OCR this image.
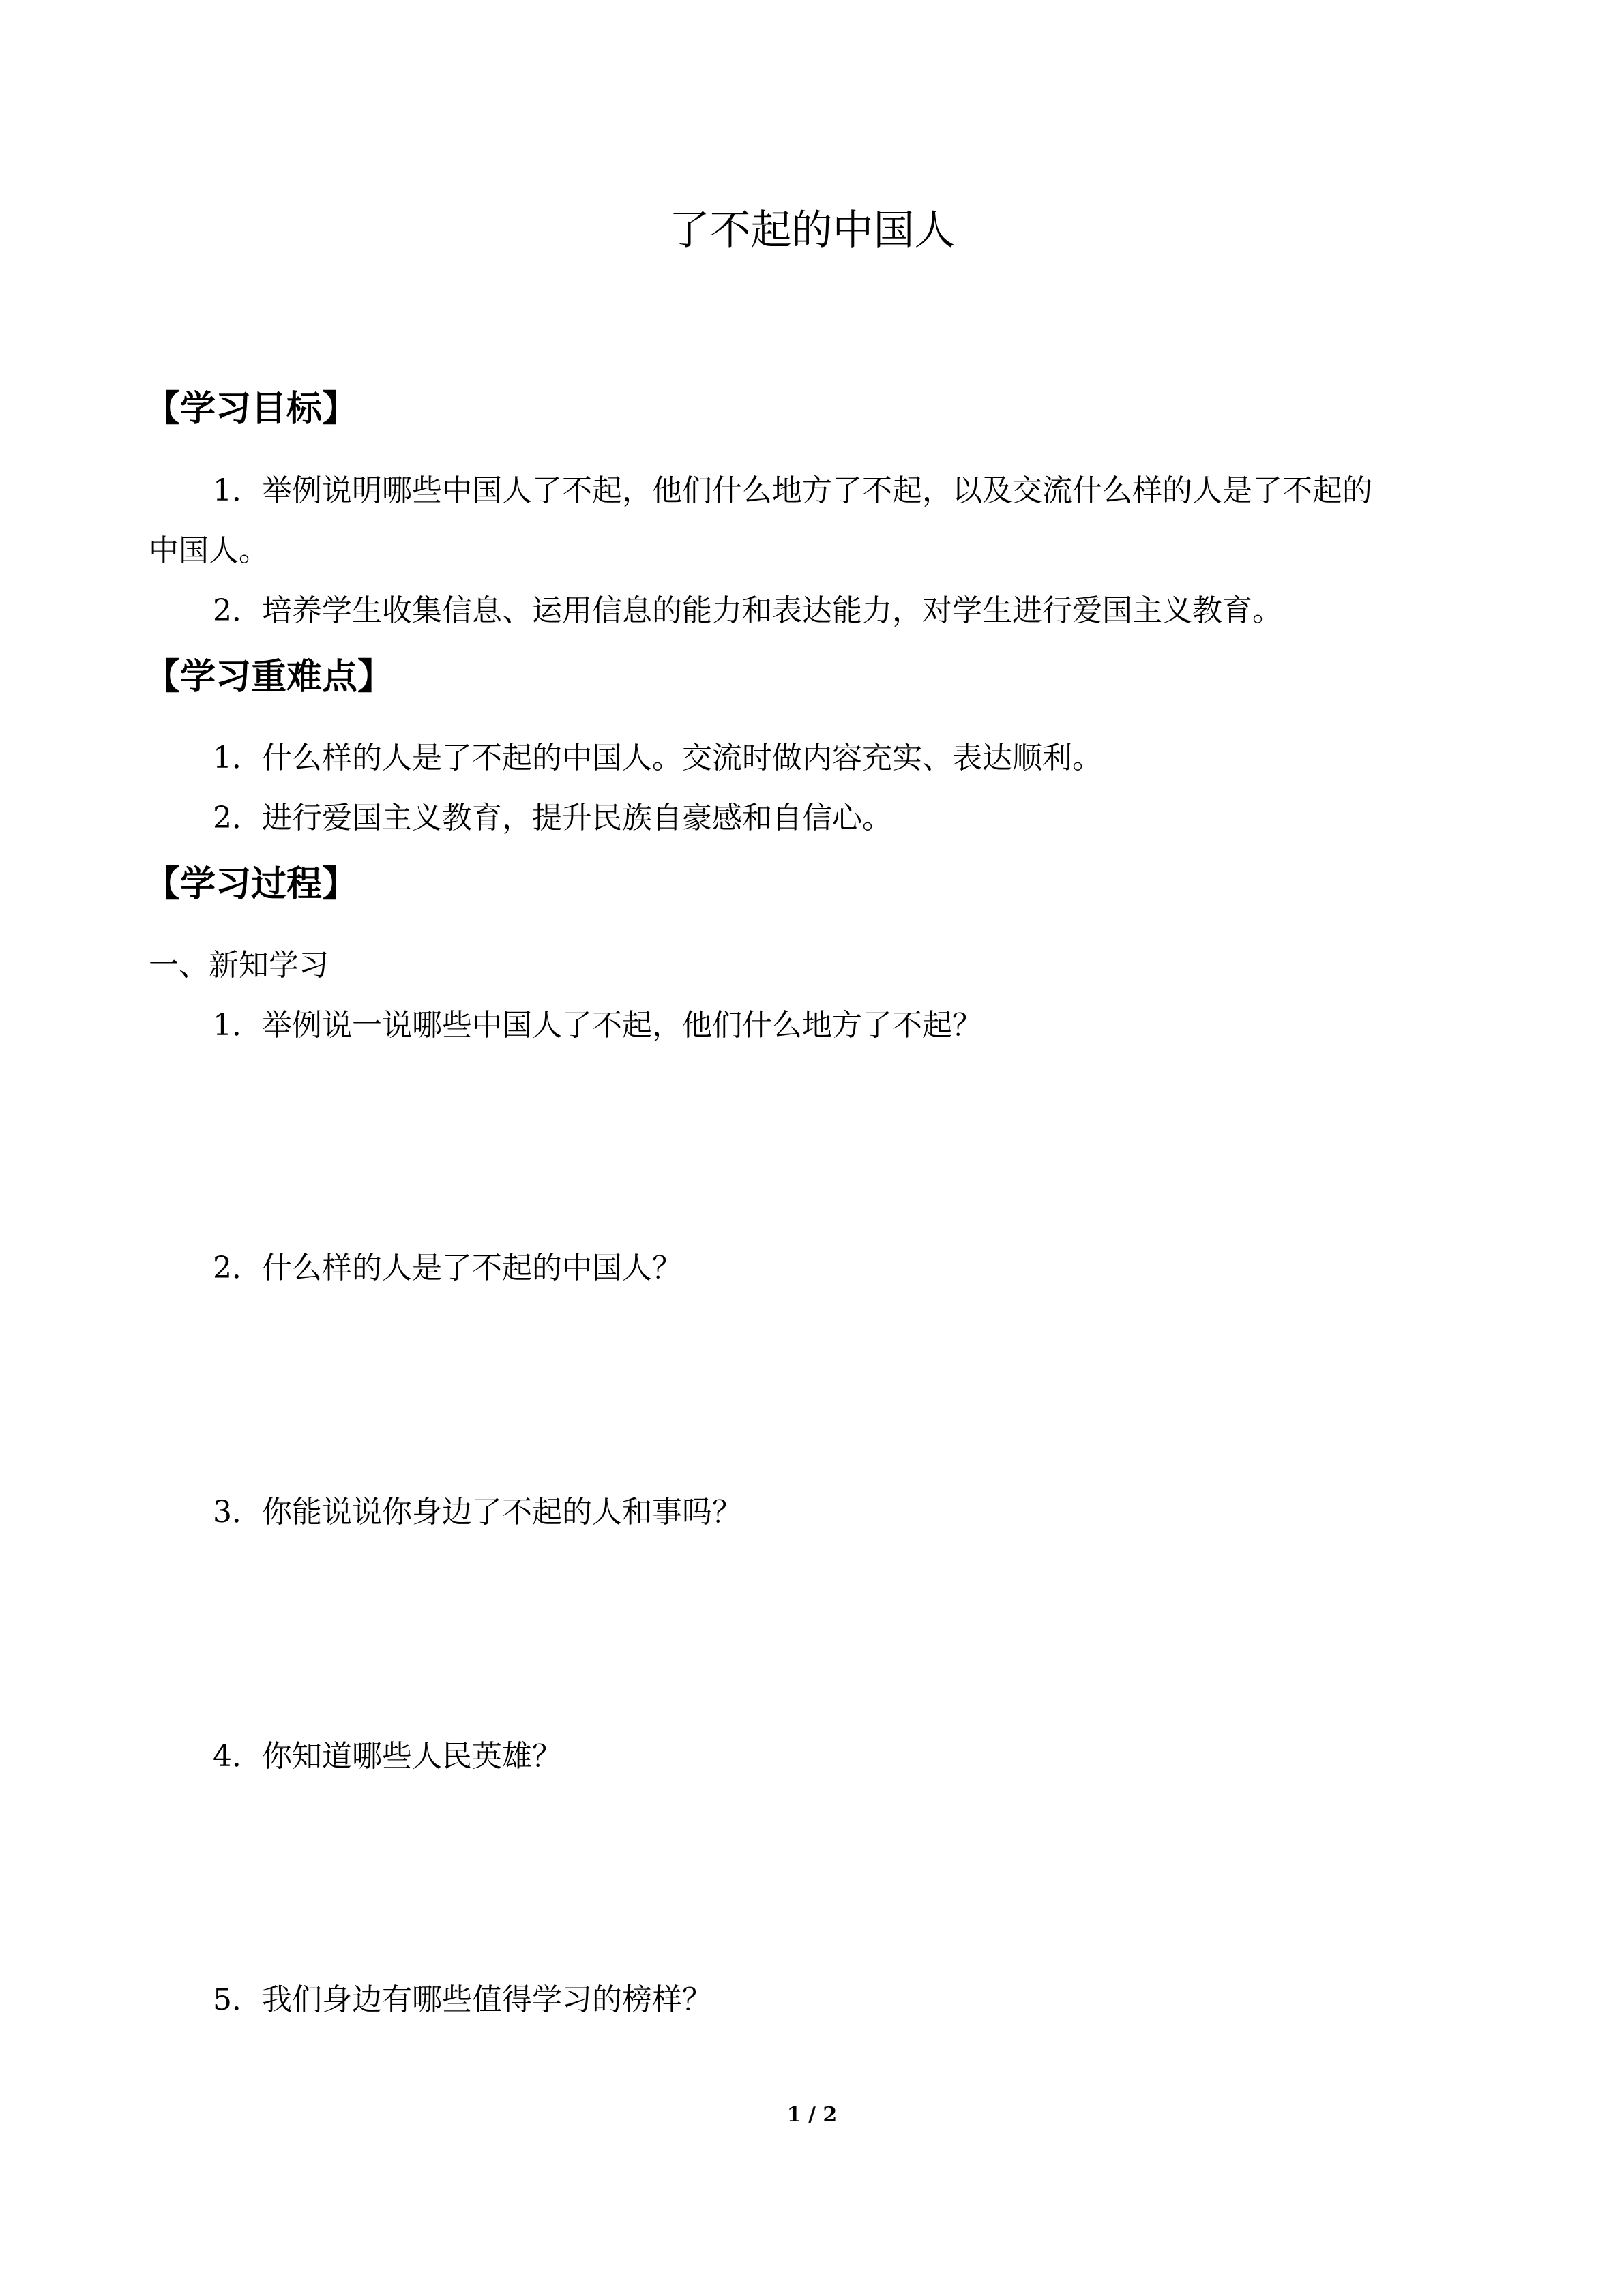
了不起的中国人
【学习目标】
1．举例说明哪些中国人了不起，他们什么地方了不起，以及交流什么样的人是了不起的
中国人。
2．培养学生收集信息、运用信息的能力和表达能力，对学生进行爱国主义教育。
【学习重难点】
1．什么样的人是了不起的中国人。交流时做内容充实、表达顺利。
2．进行爱国主义教育，提升民族自豪感和自信心。
【学习过程】
一、新知学习
1．举例说一说哪些中国人了不起，他们什么地方了不起？
2．什么样的人是了不起的中国人？
3．你能说说你身边了不起的人和事吗？
4．你知道哪些人民英雄？
5．我们身边有哪些值得学习的榜样？
1 / 2
